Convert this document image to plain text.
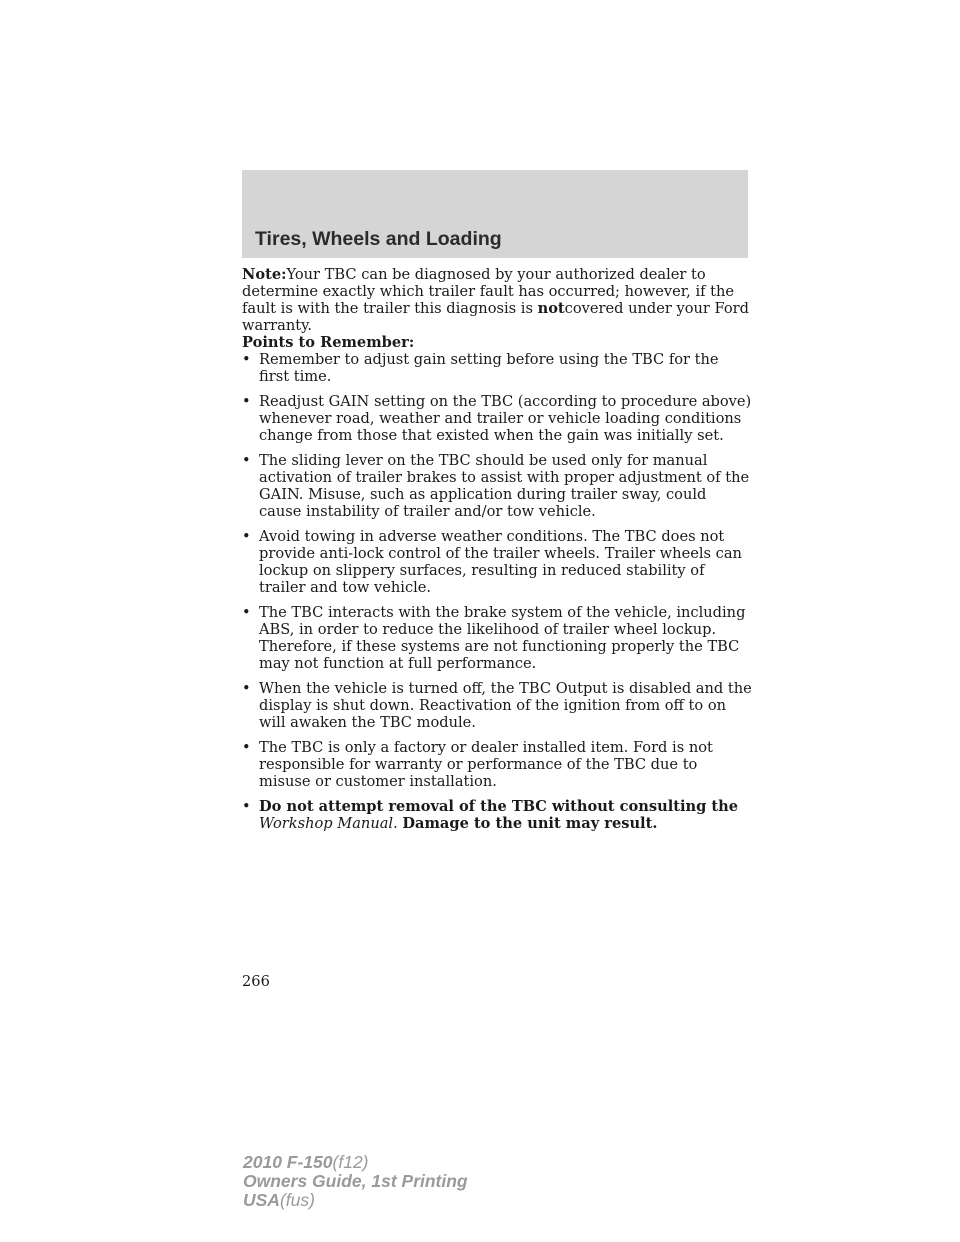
Tires, Wheels and Loading

Note:Your TBC can be diagnosed by your authorized dealer to determine exactly which trailer fault has occurred; however, if the fault is with the trailer this diagnosis is notcovered under your Ford warranty.

Points to Remember:

• Remember to adjust gain setting before using the TBC for the first time.
• Readjust GAIN setting on the TBC (according to procedure above) whenever road, weather and trailer or vehicle loading conditions change from those that existed when the gain was initially set.
• The sliding lever on the TBC should be used only for manual activation of trailer brakes to assist with proper adjustment of the GAIN. Misuse, such as application during trailer sway, could cause instability of trailer and/or tow vehicle.
• Avoid towing in adverse weather conditions. The TBC does not provide anti-lock control of the trailer wheels. Trailer wheels can lockup on slippery surfaces, resulting in reduced stability of trailer and tow vehicle.
• The TBC interacts with the brake system of the vehicle, including ABS, in order to reduce the likelihood of trailer wheel lockup. Therefore, if these systems are not functioning properly the TBC may not function at full performance.
• When the vehicle is turned off, the TBC Output is disabled and the display is shut down. Reactivation of the ignition from off to on will awaken the TBC module.
• The TBC is only a factory or dealer installed item. Ford is not responsible for warranty or performance of the TBC due to misuse or customer installation.
• Do not attempt removal of the TBC without consulting the
Workshop Manual. Damage to the unit may result.

266

2010 F-150(f12)
Owners Guide, 1st Printing
USA(fus)
